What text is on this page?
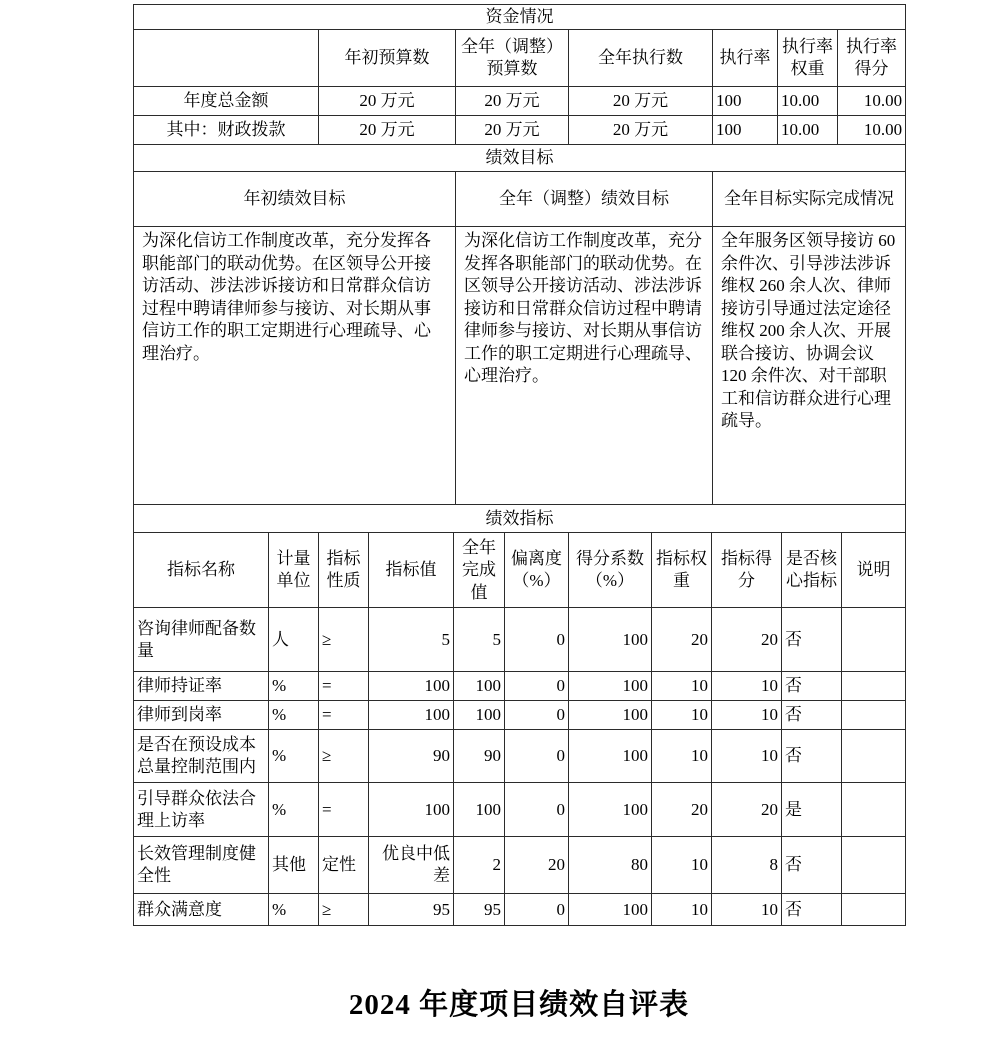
资金情况						
	年初预算数	全年（调整）预算数	全年执行数	执行率	执行率权重	执行率得分
年度总金额	20 万元	20 万元	20 万元	100	10.00	10.00
其中：财政拨款	20 万元	20 万元	20 万元	100	10.00	10.00
绩效目标		
年初绩效目标	全年（调整）绩效目标	全年目标实际完成情况
为深化信访工作制度改革，充分发挥各职能部门的联动优势。在区领导公开接访活动、涉法涉诉接访和日常群众信访过程中聘请律师参与接访、对长期从事信访工作的职工定期进行心理疏导、心理治疗。	为深化信访工作制度改革，充分发挥各职能部门的联动优势。在区领导公开接访活动、涉法涉诉接访和日常群众信访过程中聘请律师参与接访、对长期从事信访工作的职工定期进行心理疏导、心理治疗。	全年服务区领导接访 60 余件次、引导涉法涉诉维权 260 余人次、律师接访引导通过法定途径维权 200 余人次、开展联合接访、协调会议 120 余件次、对干部职工和信访群众进行心理疏导。
绩效指标										
指标名称	计量单位	指标性质	指标值	全年完成值	偏离度（%）	得分系数（%）	指标权重	指标得分	是否核心指标	说明
咨询律师配备数量	人	≥	5	5	0	100	20	20	否	
律师持证率	%	=	100	100	0	100	10	10	否	
律师到岗率	%	=	100	100	0	100	10	10	否	
是否在预设成本总量控制范围内	%	≥	90	90	0	100	10	10	否	
引导群众依法合理上访率	%	=	100	100	0	100	20	20	是	
长效管理制度健全性	其他	定性	优良中低差	2	20	80	10	8	否	
群众满意度	%	≥	95	95	0	100	10	10	否	
2024 年度项目绩效自评表
